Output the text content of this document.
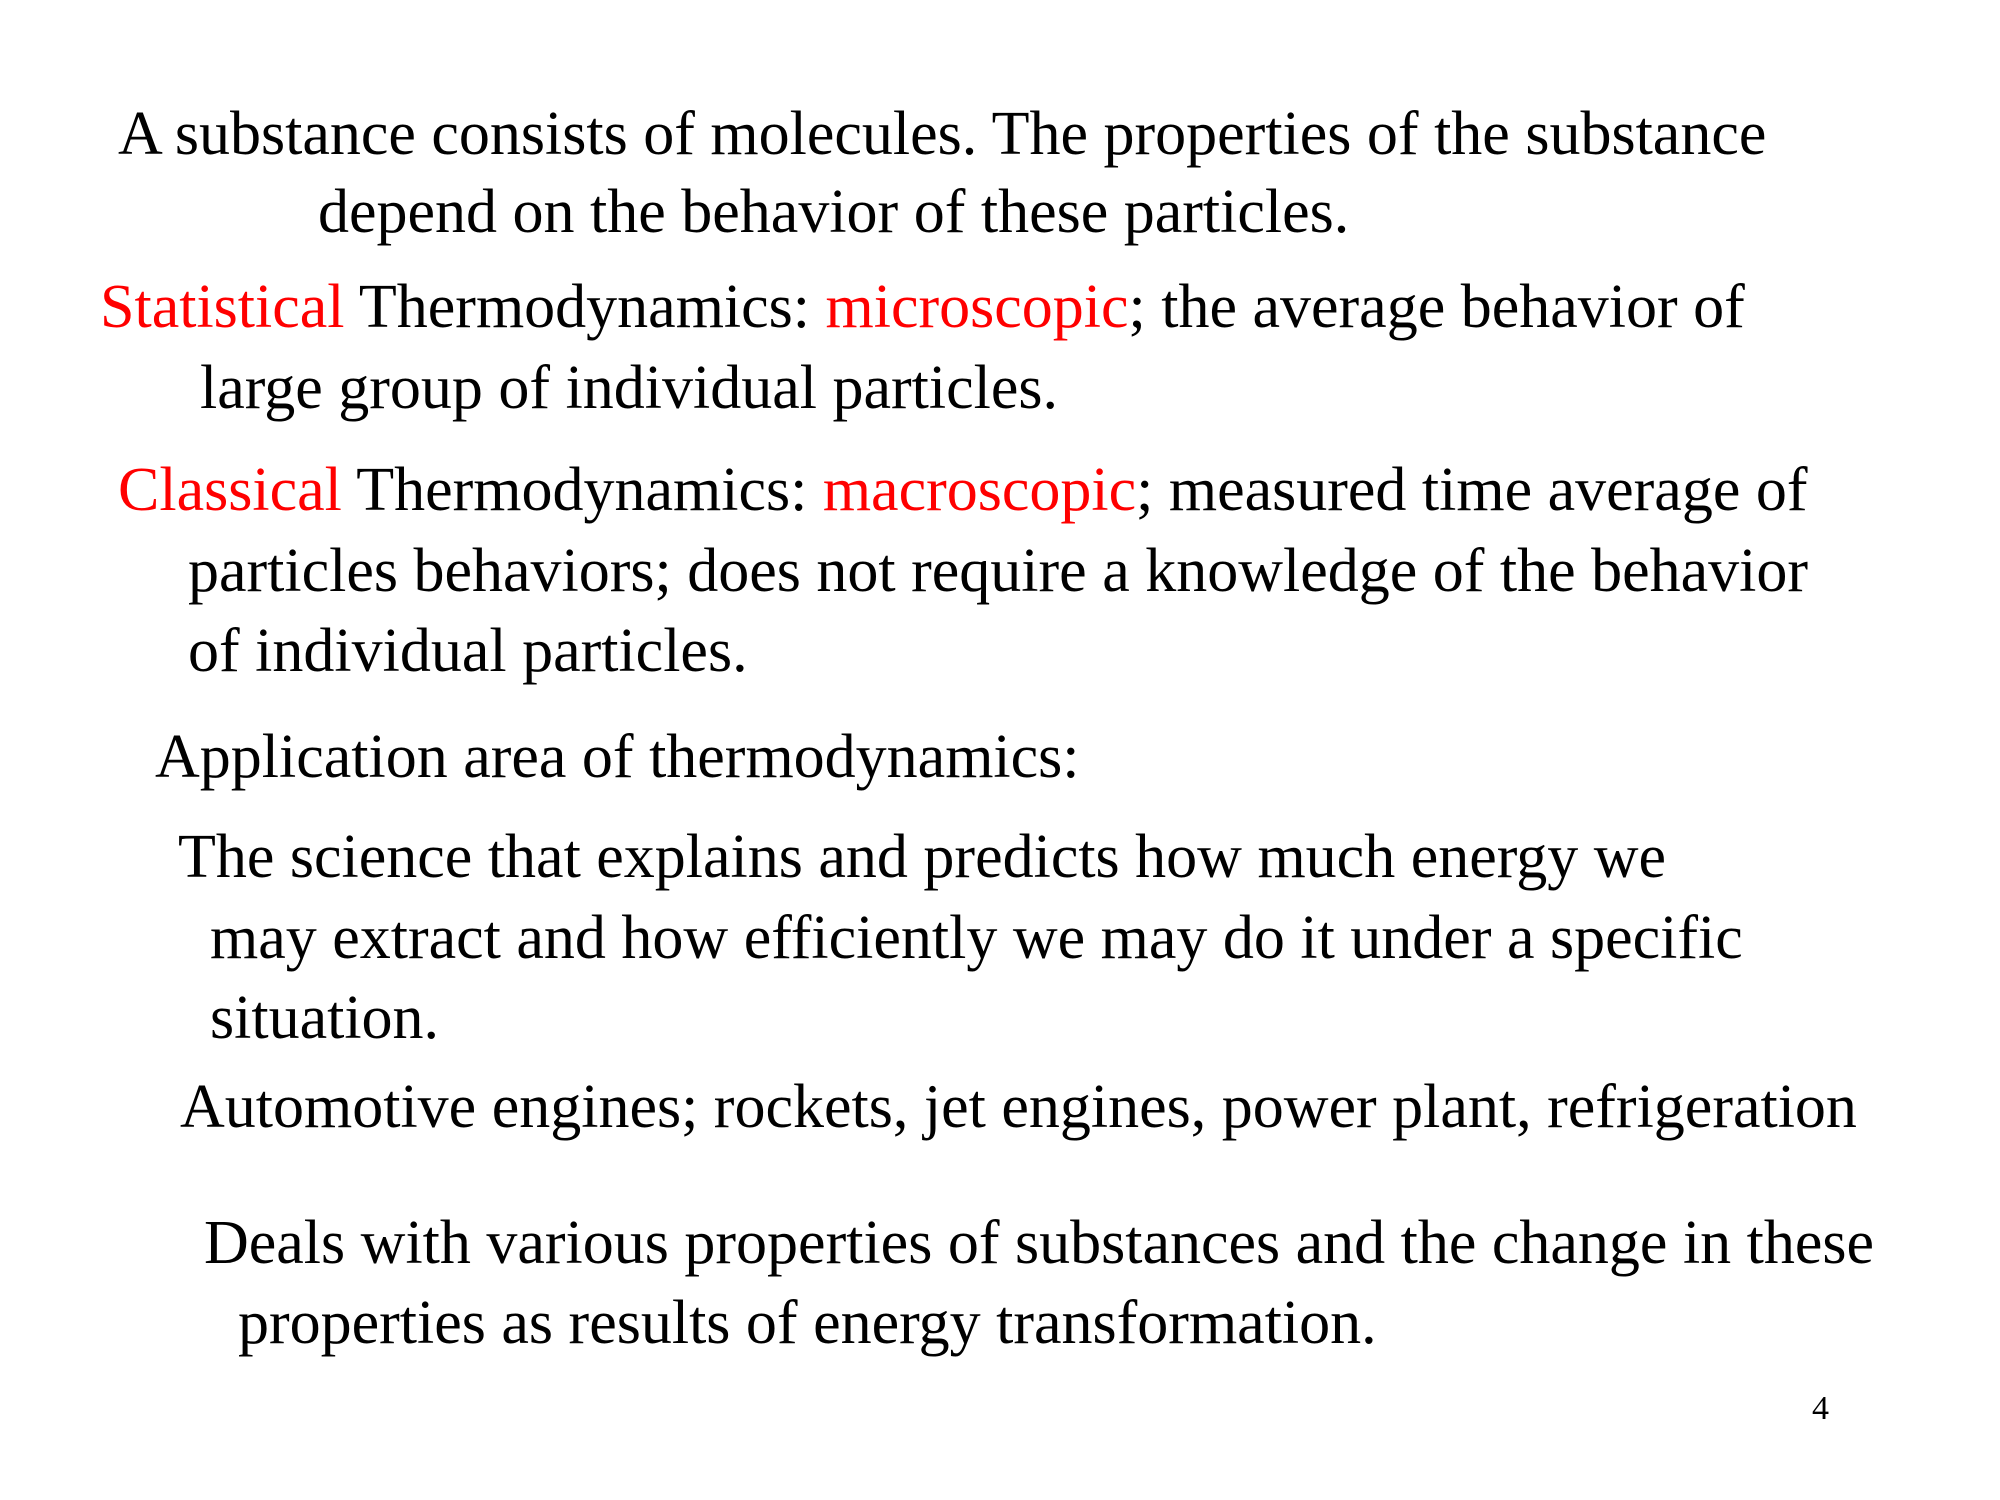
A substance consists of molecules. The properties of the substance
depend on the behavior of these particles.
Statistical Thermodynamics: microscopic; the average behavior of
large group of individual particles.
Classical Thermodynamics: macroscopic; measured time average of
particles behaviors; does not require a knowledge of the behavior
of individual particles.
Application area of thermodynamics:
The science that explains and predicts how much energy we
may extract and how efficiently we may do it under a specific
situation.
Automotive engines; rockets, jet engines, power plant, refrigeration
Deals with various properties of substances and the change in these
properties as results of energy transformation.
4
